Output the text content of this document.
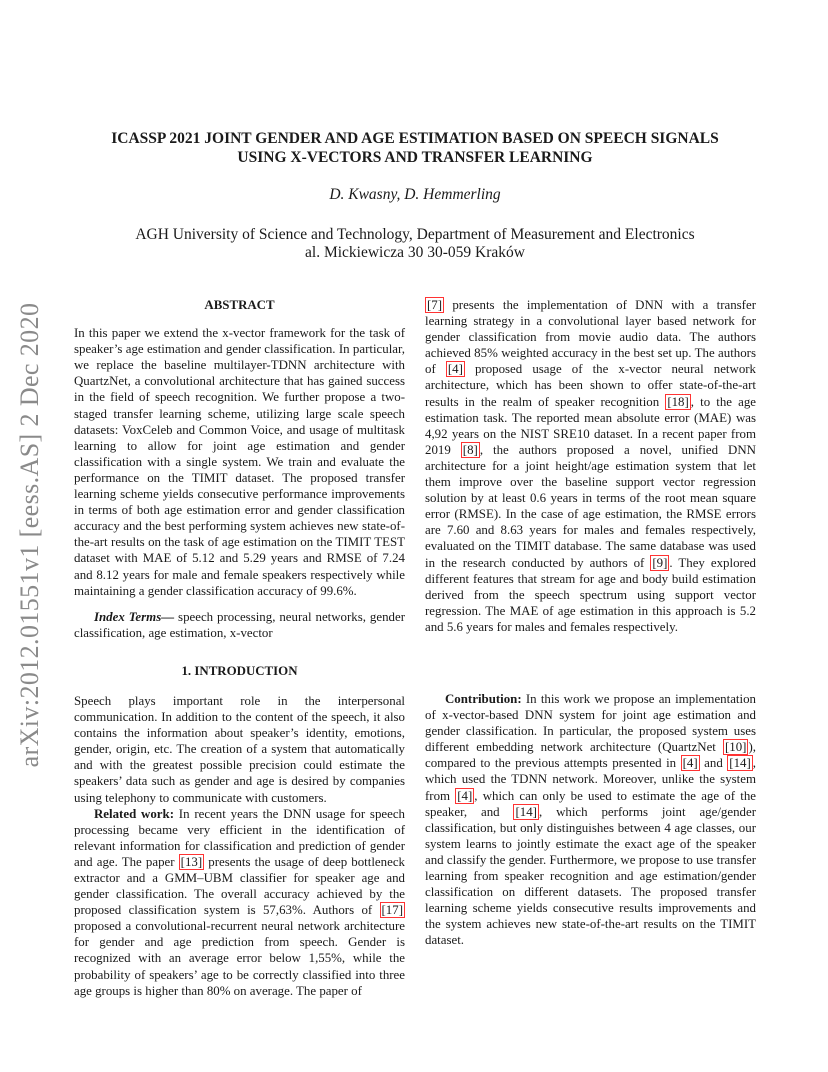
arXiv:2012.01551v1 [eess.AS] 2 Dec 2020
ICASSP 2021 JOINT GENDER AND AGE ESTIMATION BASED ON SPEECH SIGNALS
USING X-VECTORS AND TRANSFER LEARNING
D. Kwasny, D. Hemmerling
AGH University of Science and Technology, Department of Measurement and Electronics
al. Mickiewicza 30 30-059 Kraków
ABSTRACT

In this paper we extend the x-vector framework for the task of speaker’s age estimation and gender classification. In particular, we replace the baseline multilayer-TDNN architecture with QuartzNet, a convolutional architecture that has gained success in the field of speech recognition. We further propose a two-staged transfer learning scheme, utilizing large scale speech datasets: VoxCeleb and Common Voice, and usage of multitask learning to allow for joint age estimation and gender classification with a single system. We train and evaluate the performance on the TIMIT dataset. The proposed transfer learning scheme yields consecutive performance improvements in terms of both age estimation error and gender classification accuracy and the best performing system achieves new state-of-the-art results on the task of age estimation on the TIMIT TEST dataset with MAE of 5.12 and 5.29 years and RMSE of 7.24 and 8.12 years for male and female speakers respectively while maintaining a gender classification accuracy of 99.6%.

Index Terms— speech processing, neural networks, gender classification, age estimation, x-vector

1. INTRODUCTION

Speech plays important role in the interpersonal communication. In addition to the content of the speech, it also contains the information about speaker’s identity, emotions, gender, origin, etc. The creation of a system that automatically and with the greatest possible precision could estimate the speakers’ data such as gender and age is desired by companies using telephony to communicate with customers.

Related work: In recent years the DNN usage for speech processing became very efficient in the identification of relevant information for classification and prediction of gender and age. The paper [13] presents the usage of deep bottleneck extractor and a GMM–UBM classifier for speaker age and gender classification. The overall accuracy achieved by the proposed classification system is 57,63%. Authors of [17] proposed a convolutional-recurrent neural network architecture for gender and age prediction from speech. Gender is recognized with an average error below 1,55%, while the probability of speakers’ age to be correctly classified into three age groups is higher than 80% on average. The paper of

[7] presents the implementation of DNN with a transfer learning strategy in a convolutional layer based network for gender classification from movie audio data. The authors achieved 85% weighted accuracy in the best set up. The authors of [4] proposed usage of the x-vector neural network architecture, which has been shown to offer state-of-the-art results in the realm of speaker recognition [18] , to the age estimation task. The reported mean absolute error (MAE) was 4,92 years on the NIST SRE10 dataset. In a recent paper from 2019 [8] , the authors proposed a novel, unified DNN architecture for a joint height/age estimation system that let them improve over the baseline support vector regression solution by at least 0.6 years in terms of the root mean square error (RMSE). In the case of age estimation, the RMSE errors are 7.60 and 8.63 years for males and females respectively, evaluated on the TIMIT database. The same database was used in the research conducted by authors of [9] . They explored different features that stream for age and body build estimation derived from the speech spectrum using support vector regression. The MAE of age estimation in this approach is 5.2 and 5.6 years for males and females respectively.

Contribution: In this work we propose an implementation of x-vector-based DNN system for joint age estimation and gender classification. In particular, the proposed system uses different embedding network architecture (QuartzNet [10] ), compared to the previous attempts presented in [4] and [14] , which used the TDNN network. Moreover, unlike the system from [4] , which can only be used to estimate the age of the speaker, and [14] , which performs joint age/gender classification, but only distinguishes between 4 age classes, our system learns to jointly estimate the exact age of the speaker and classify the gender. Furthermore, we propose to use transfer learning from speaker recognition and age estimation/gender classification on different datasets. The proposed transfer learning scheme yields consecutive results improvements and the system achieves new state-of-the-art results on the TIMIT dataset.
